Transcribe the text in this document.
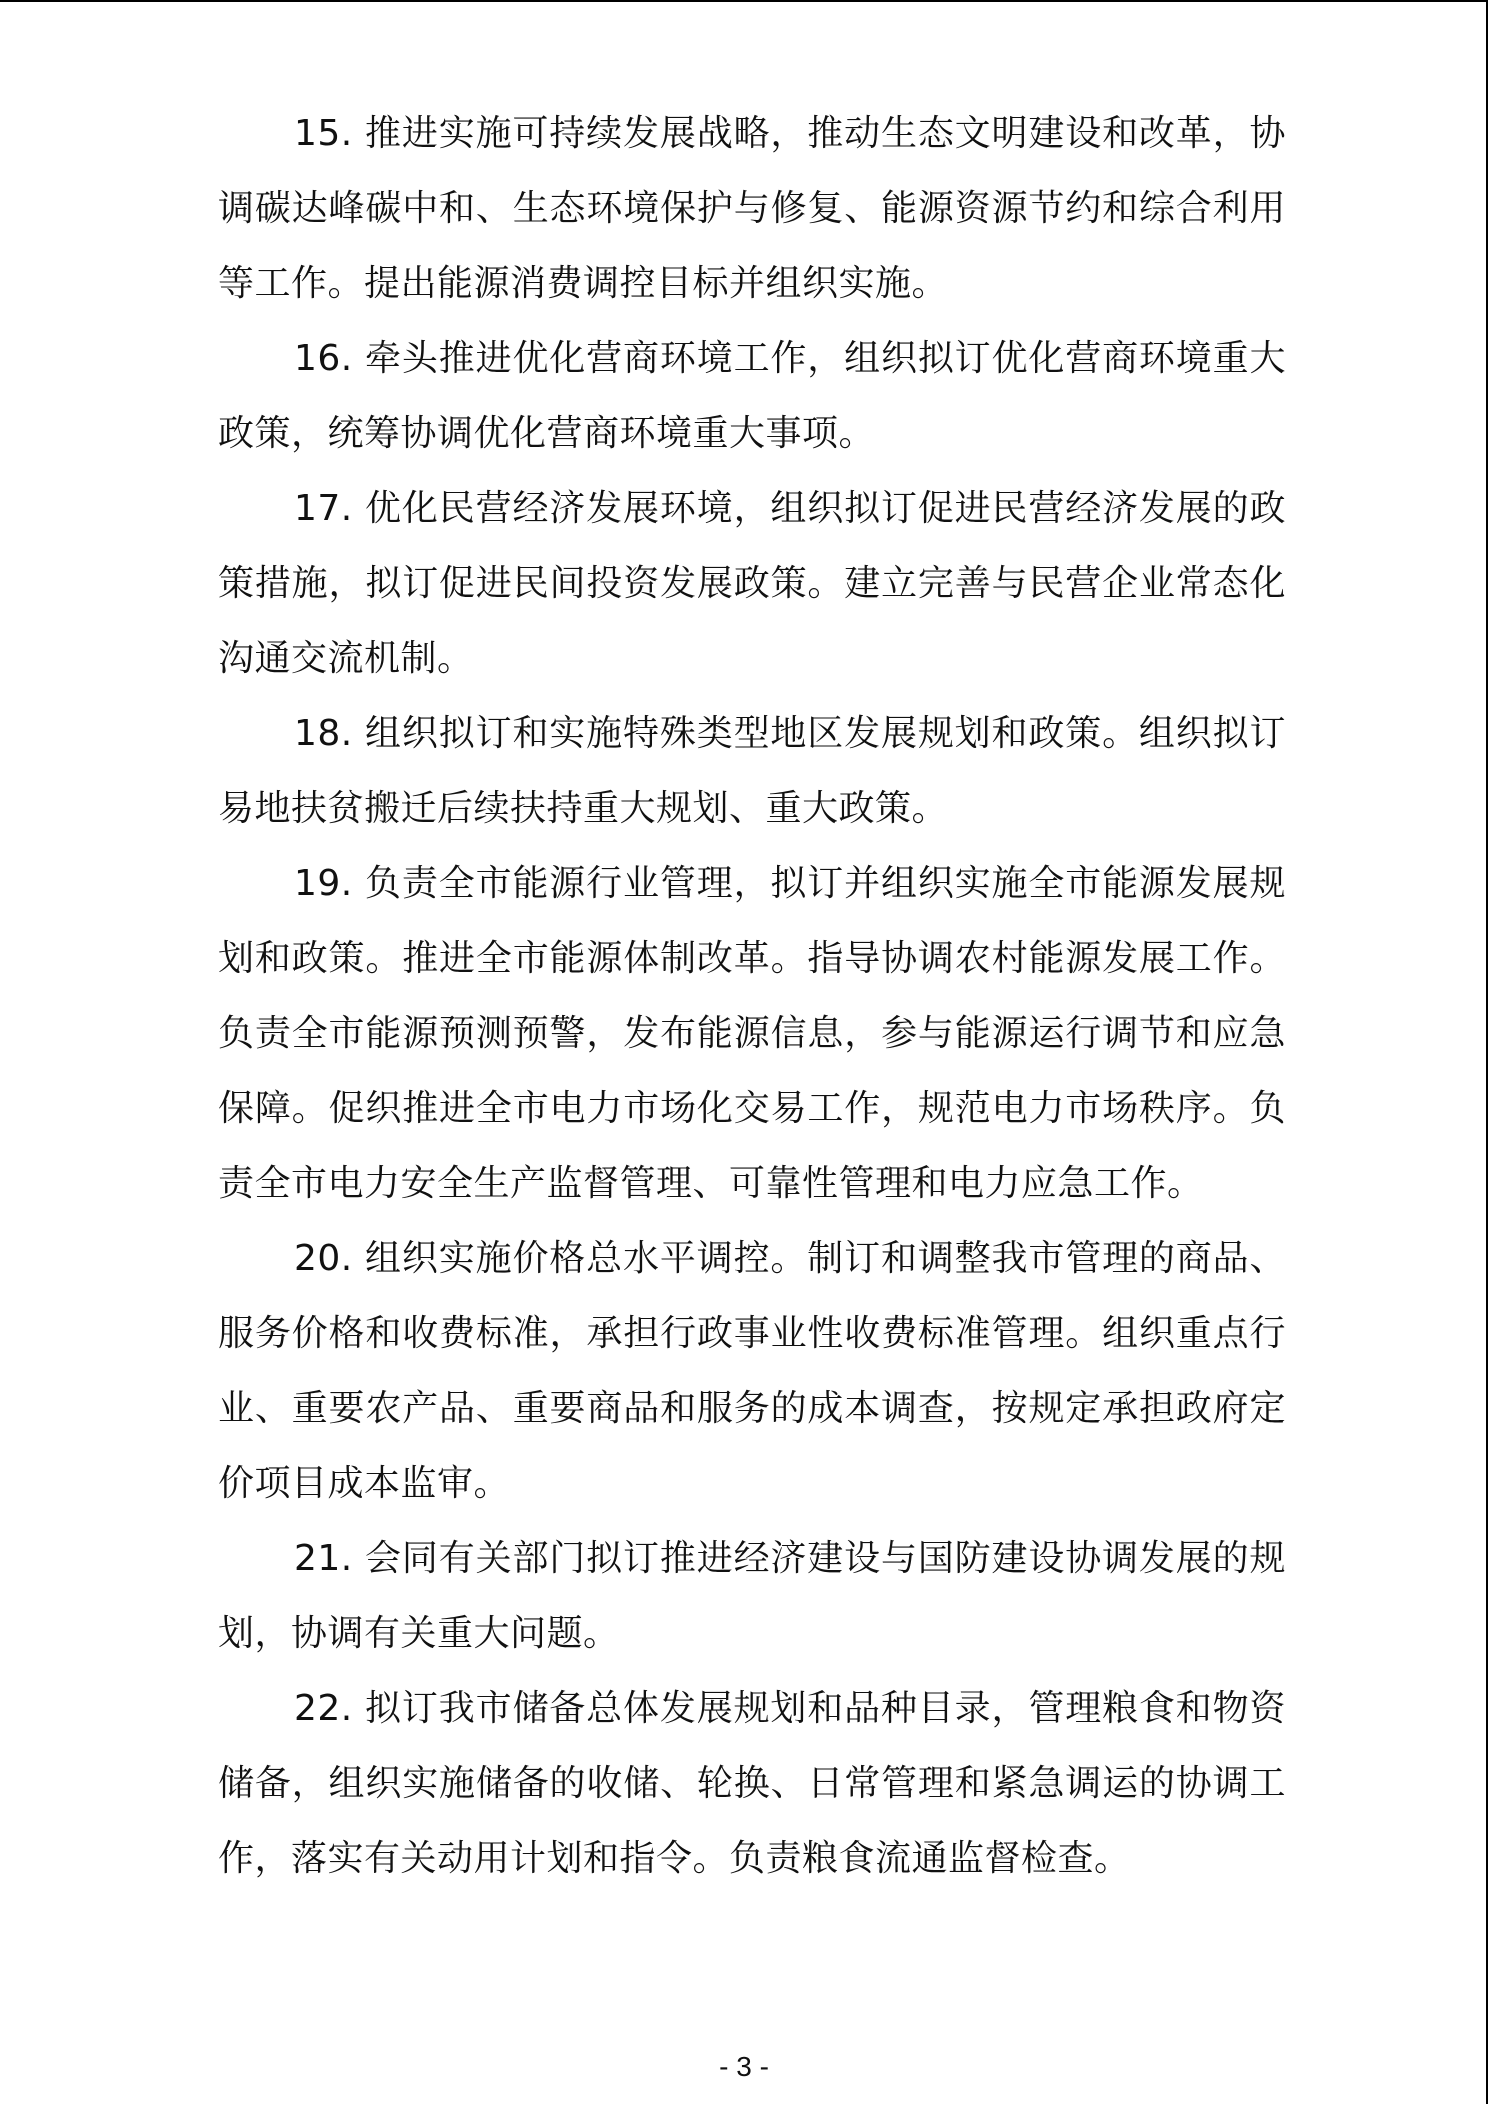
15. 推进实施可持续发展战略，推动生态文明建设和改革，协调碳达峰碳中和、生态环境保护与修复、能源资源节约和综合利用等工作。提出能源消费调控目标并组织实施。

16. 牵头推进优化营商环境工作，组织拟订优化营商环境重大政策，统筹协调优化营商环境重大事项。

17. 优化民营经济发展环境，组织拟订促进民营经济发展的政策措施，拟订促进民间投资发展政策。建立完善与民营企业常态化沟通交流机制。

18. 组织拟订和实施特殊类型地区发展规划和政策。组织拟订易地扶贫搬迁后续扶持重大规划、重大政策。

19. 负责全市能源行业管理，拟订并组织实施全市能源发展规划和政策。推进全市能源体制改革。指导协调农村能源发展工作。负责全市能源预测预警，发布能源信息，参与能源运行调节和应急保障。促织推进全市电力市场化交易工作，规范电力市场秩序。负责全市电力安全生产监督管理、可靠性管理和电力应急工作。

20. 组织实施价格总水平调控。制订和调整我市管理的商品、服务价格和收费标准，承担行政事业性收费标准管理。组织重点行业、重要农产品、重要商品和服务的成本调查，按规定承担政府定价项目成本监审。

21. 会同有关部门拟订推进经济建设与国防建设协调发展的规划，协调有关重大问题。

22. 拟订我市储备总体发展规划和品种目录，管理粮食和物资储备，组织实施储备的收储、轮换、日常管理和紧急调运的协调工作，落实有关动用计划和指令。负责粮食流通监督检查。

- 3 -
